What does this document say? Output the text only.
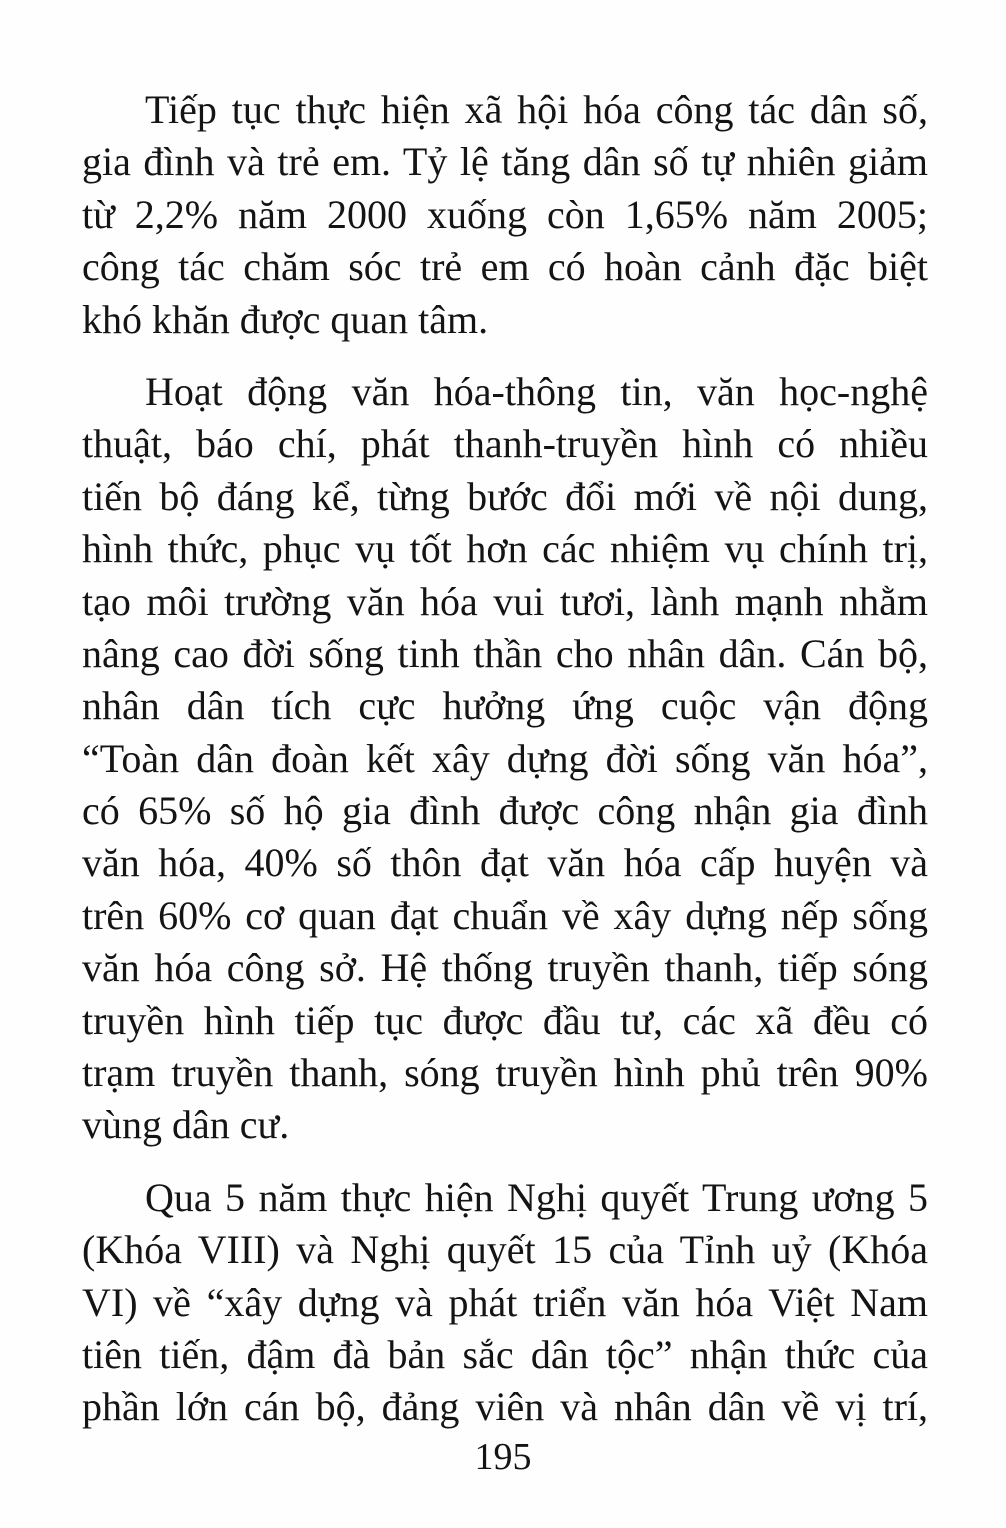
Tiếp tục thực hiện xã hội hóa công tác dân số,
gia đình và trẻ em. Tỷ lệ tăng dân số tự nhiên giảm
từ 2,2% năm 2000 xuống còn 1,65% năm 2005;
công tác chăm sóc trẻ em có hoàn cảnh đặc biệt
khó khăn được quan tâm.

Hoạt động văn hóa-thông tin, văn học-nghệ
thuật, báo chí, phát thanh-truyền hình có nhiều
tiến bộ đáng kể, từng bước đổi mới về nội dung,
hình thức, phục vụ tốt hơn các nhiệm vụ chính trị,
tạo môi trường văn hóa vui tươi, lành mạnh nhằm
nâng cao đời sống tinh thần cho nhân dân. Cán bộ,
nhân dân tích cực hưởng ứng cuộc vận động
“Toàn dân đoàn kết xây dựng đời sống văn hóa”,
có 65% số hộ gia đình được công nhận gia đình
văn hóa, 40% số thôn đạt văn hóa cấp huyện và
trên 60% cơ quan đạt chuẩn về xây dựng nếp sống
văn hóa công sở. Hệ thống truyền thanh, tiếp sóng
truyền hình tiếp tục được đầu tư, các xã đều có
trạm truyền thanh, sóng truyền hình phủ trên 90%
vùng dân cư.

Qua 5 năm thực hiện Nghị quyết Trung ương 5
(Khóa VIII) và Nghị quyết 15 của Tỉnh uỷ (Khóa
VI) về “xây dựng và phát triển văn hóa Việt Nam
tiên tiến, đậm đà bản sắc dân tộc” nhận thức của
phần lớn cán bộ, đảng viên và nhân dân về vị trí,

195
